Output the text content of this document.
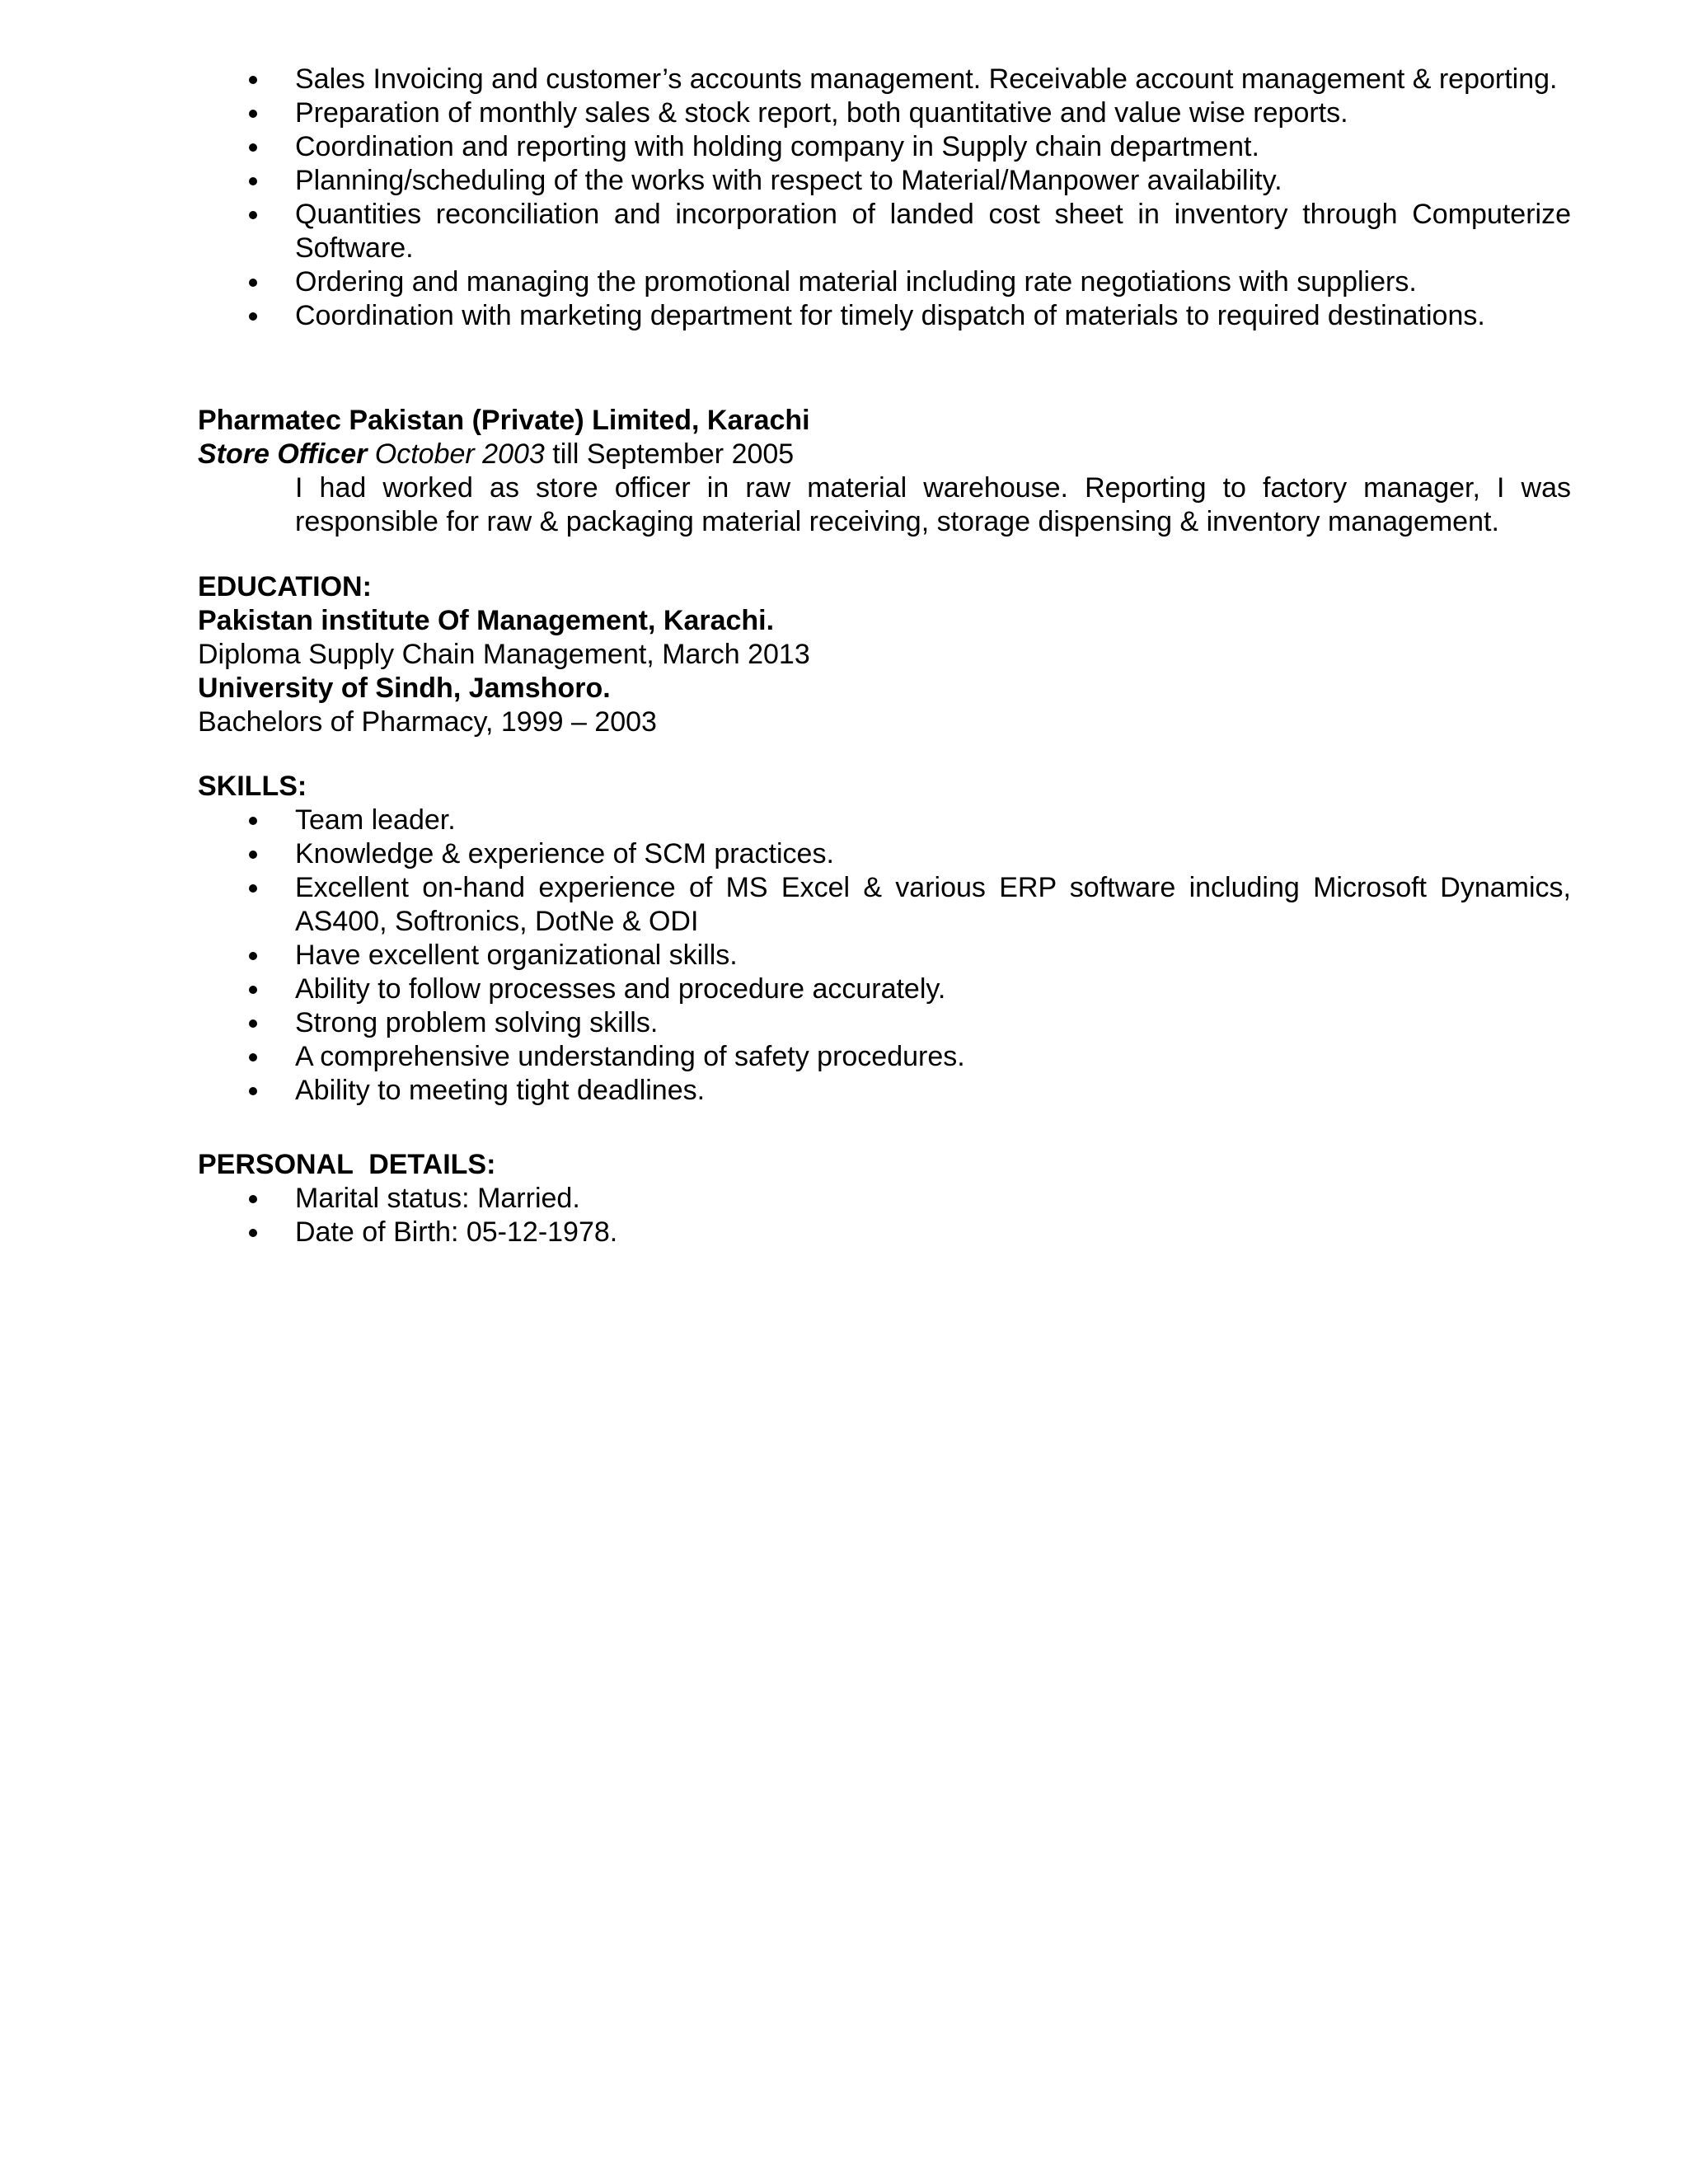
Sales Invoicing and customer’s accounts management. Receivable account management & reporting.
Preparation of monthly sales & stock report, both quantitative and value wise reports.
Coordination and reporting with holding company in Supply chain department.
Planning/scheduling of the works with respect to Material/Manpower availability.
Quantities reconciliation and incorporation of landed cost sheet in inventory through Computerize Software.
Ordering and managing the promotional material including rate negotiations with suppliers.
Coordination with marketing department for timely dispatch of materials to required destinations.
Pharmatec Pakistan (Private) Limited, Karachi
Store Officer October 2003 till September 2005
I had worked as store officer in raw material warehouse. Reporting to factory manager, I was responsible for raw & packaging material receiving, storage dispensing & inventory management.
EDUCATION:
Pakistan institute Of Management, Karachi.
Diploma Supply Chain Management, March 2013
University of Sindh, Jamshoro.
Bachelors of Pharmacy, 1999 – 2003
SKILLS:
Team leader.
Knowledge & experience of SCM practices.
Excellent on-hand experience of MS Excel & various ERP software including Microsoft Dynamics, AS400, Softronics, DotNe & ODI
Have excellent organizational skills.
Ability to follow processes and procedure accurately.
Strong problem solving skills.
A comprehensive understanding of safety procedures.
Ability to meeting tight deadlines.
PERSONAL  DETAILS:
Marital status: Married.
Date of Birth: 05-12-1978.
